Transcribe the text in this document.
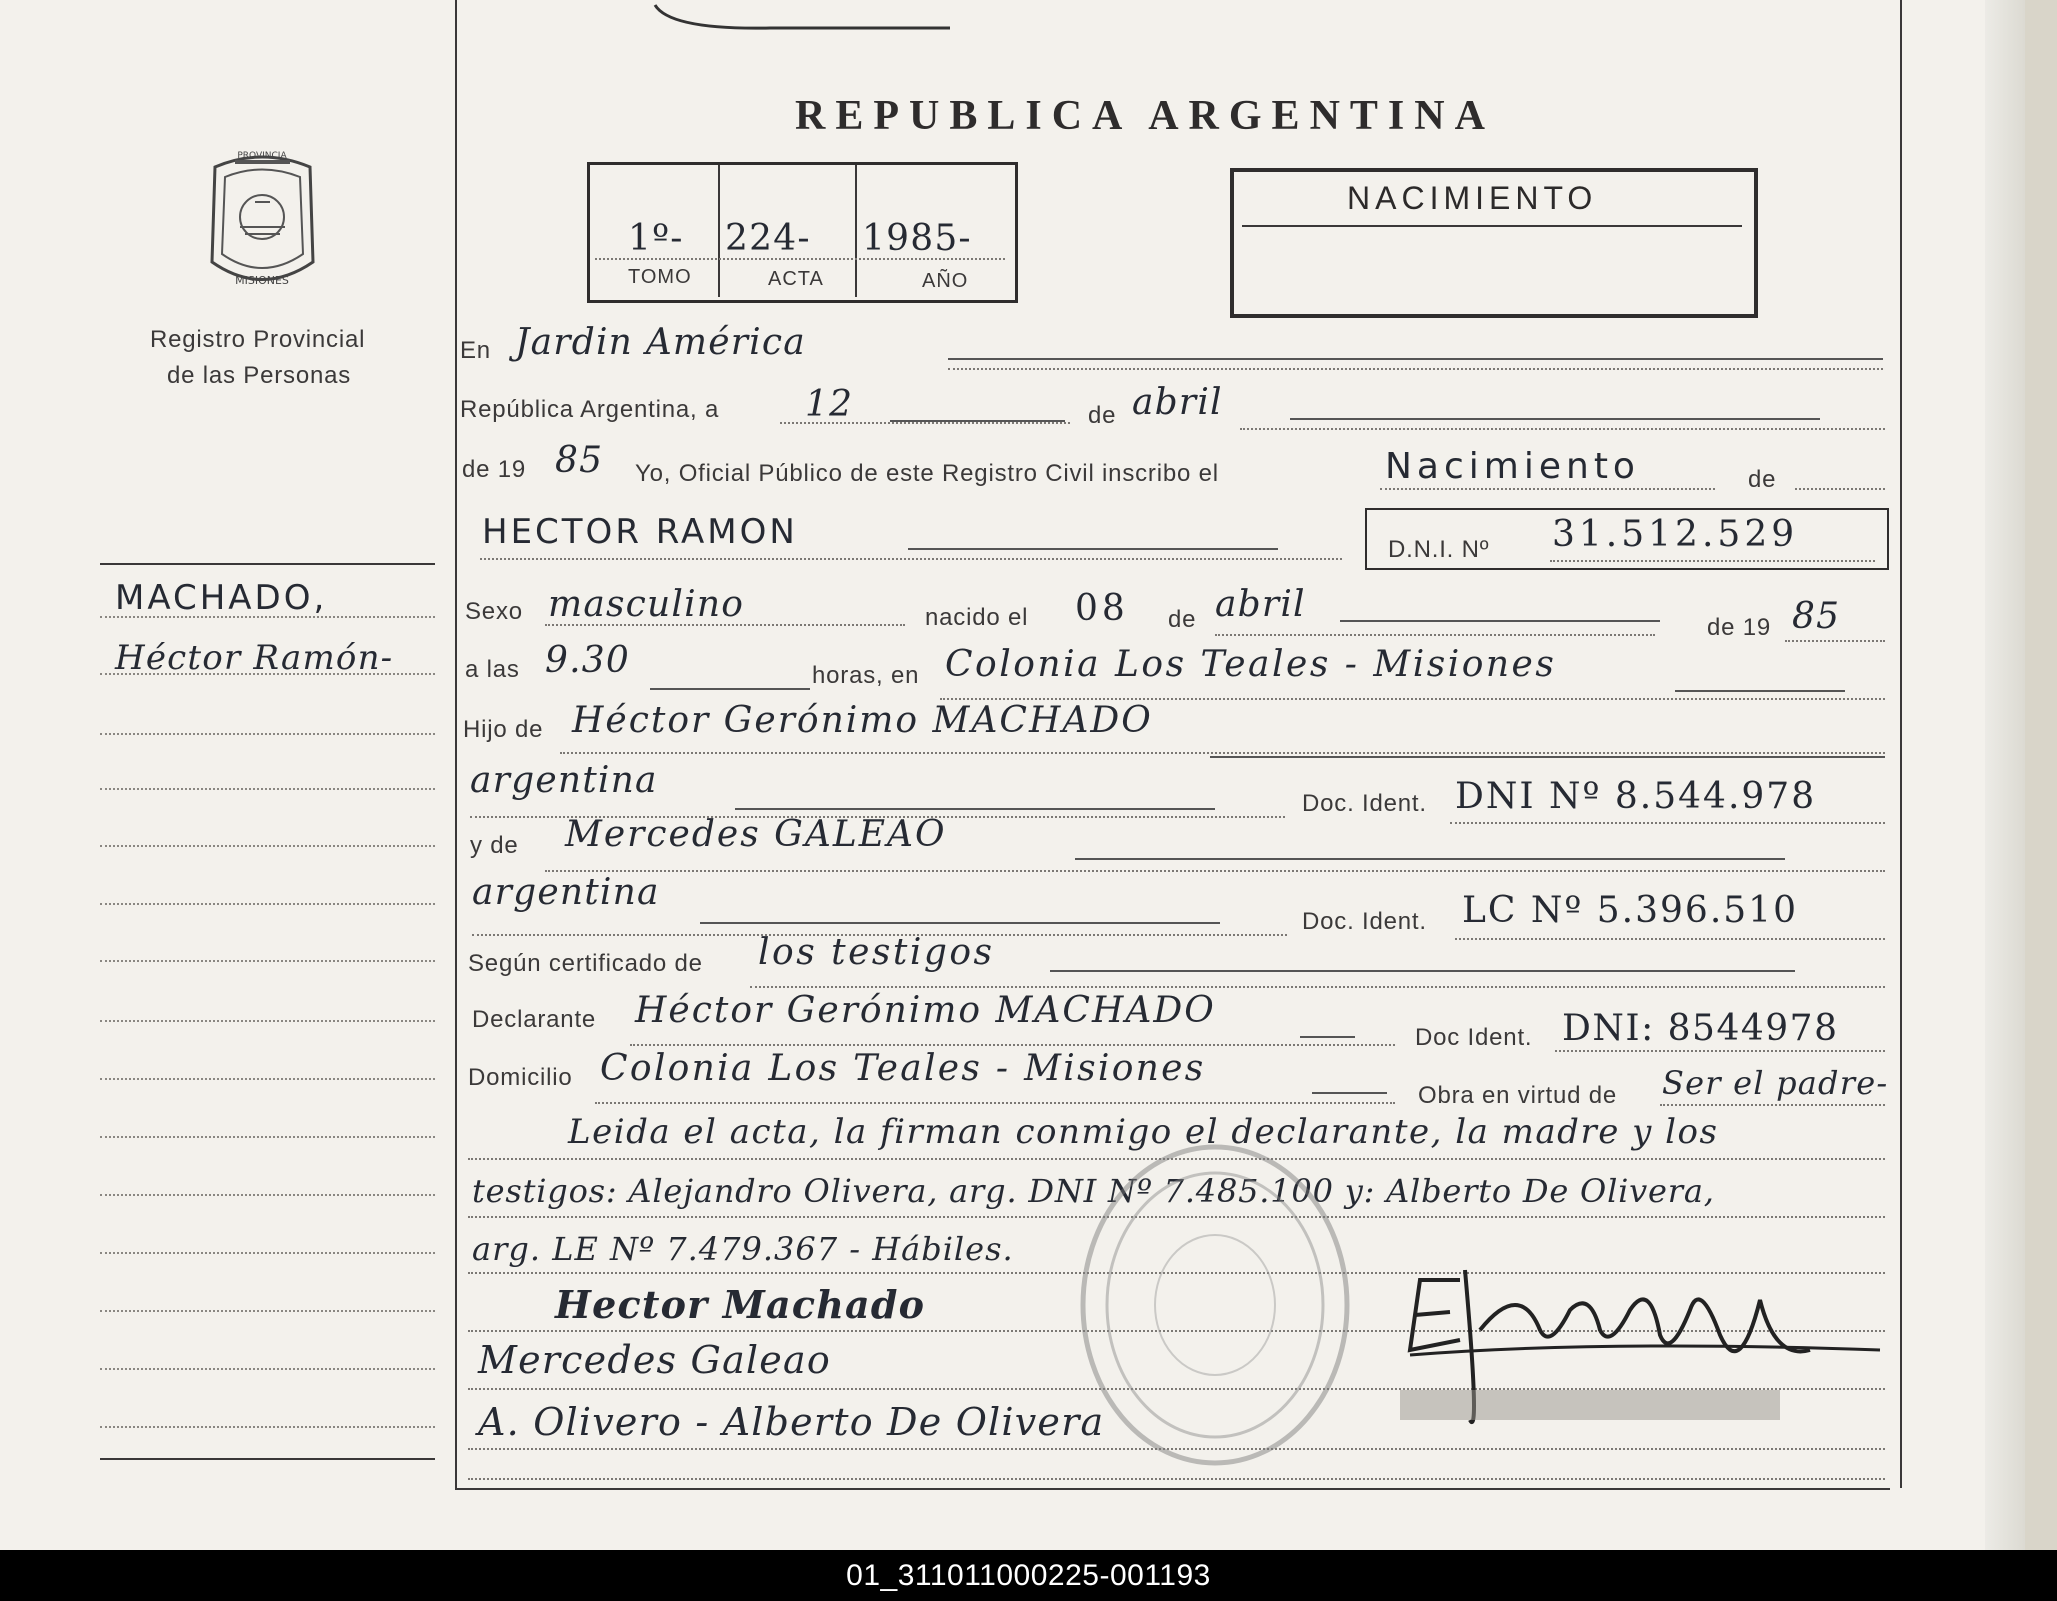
MISIONES
PROVINCIA
Registro Provincial
de las Personas
MACHADO,
Héctor Ramón-
REPUBLICA ARGENTINA
1º- 224- 1985-
TOMO	ACTA	AÑO
NACIMIENTO
En Jardin América
República Argentina, a 12	de abril
de 19 85 Yo, Oficial Público de este Registro Civil inscribo el	Nacimiento	de
HECTOR RAMON	D.N.I. Nº 31.512.529
Sexo masculino	nacido el 08 de abril
de 19 85
a las 9.30	horas, en Colonia Los Teales - Misiones
Hijo de Héctor Gerónimo MACHADO
argentina
Doc. Ident. DNI Nº 8.544.978
y de Mercedes GALEAO
argentina
Doc. Ident. LC Nº 5.396.510
Según certificado de los testigos
Declarante Héctor Gerónimo MACHADO
Doc Ident. DNI: 8544978
Domicilio Colonia Los Teales - Misiones
Obra en virtud de Ser el padre-
Leida el acta, la firman conmigo el declarante, la madre y los
testigos: Alejandro Olivera, arg. DNI Nº 7.485.100 y: Alberto De Olivera,
arg. LE Nº 7.479.367 - Hábiles.
Hector Machado
Mercedes Galeao
A. Olivero - Alberto De Olivera
01_311011000225-001193
